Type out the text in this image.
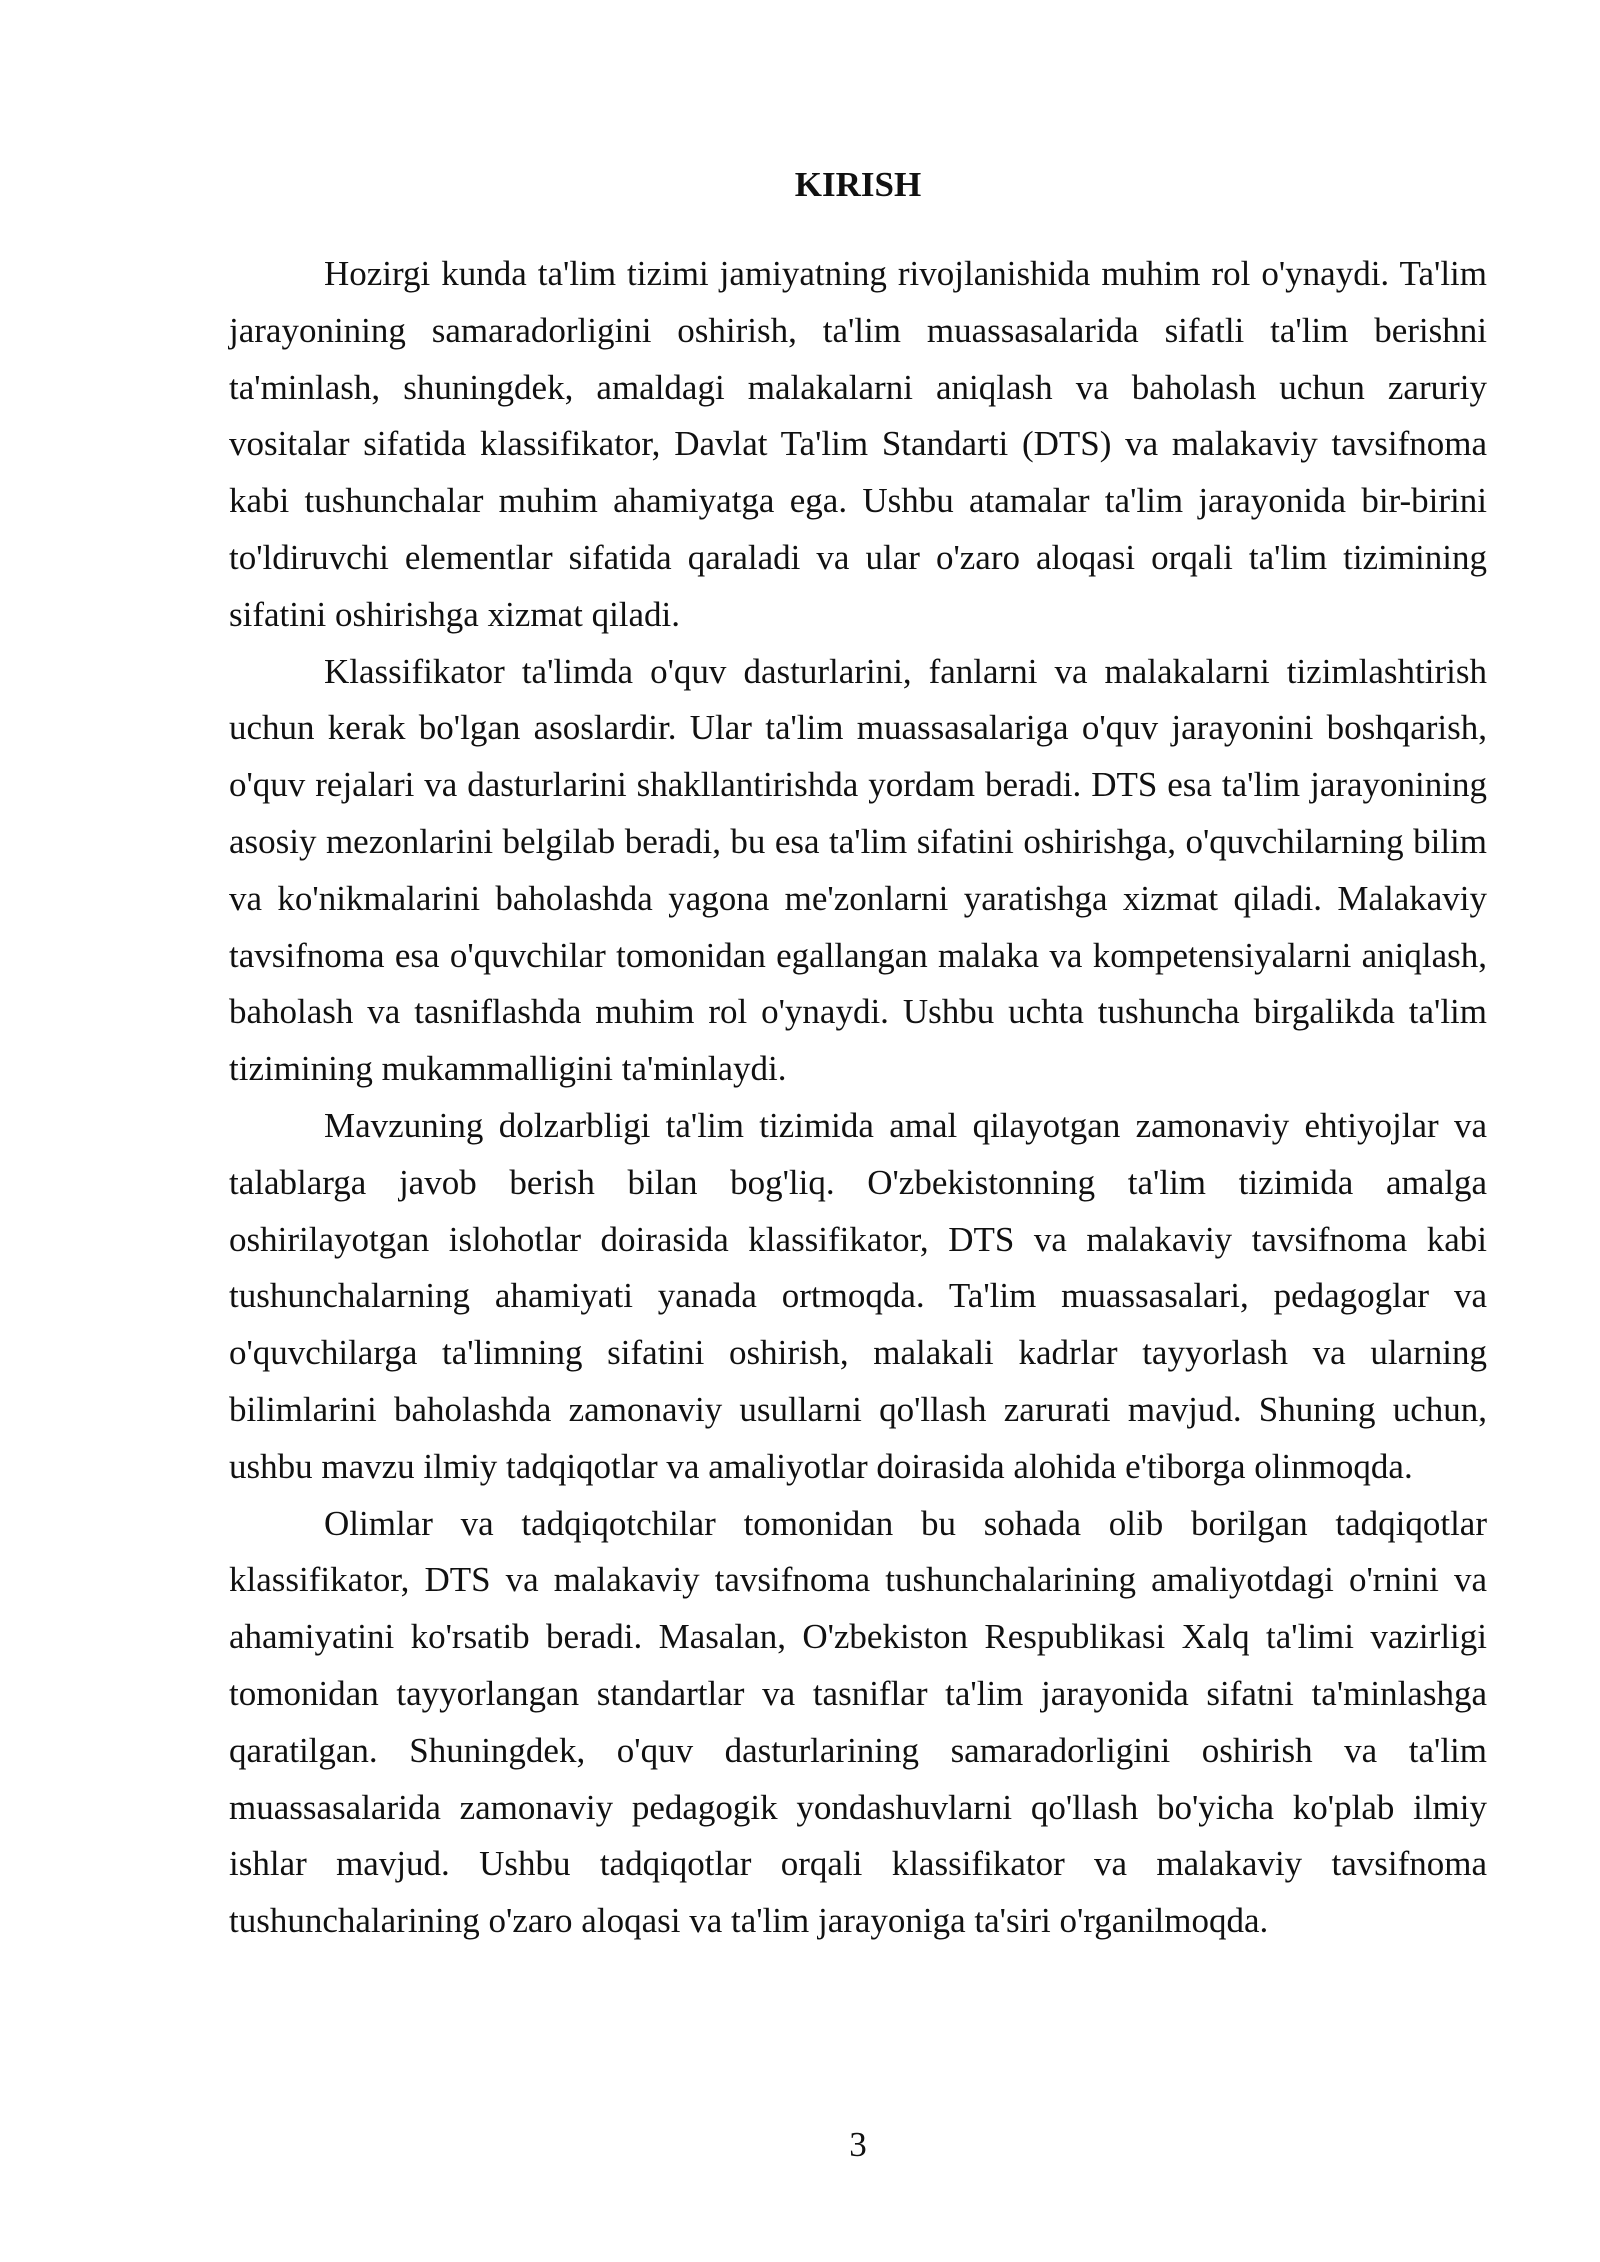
KIRISH

Hozirgi kunda ta'lim tizimi jamiyatning rivojlanishida muhim rol o'ynaydi. Ta'lim jarayonining samaradorligini oshirish, ta'lim muassasalarida sifatli ta'lim berishni ta'minlash, shuningdek, amaldagi malakalarni aniqlash va baholash uchun zaruriy vositalar sifatida klassifikator, Davlat Ta'lim Standarti (DTS) va malakaviy tavsifnoma kabi tushunchalar muhim ahamiyatga ega. Ushbu atamalar ta'lim jarayonida bir-birini to'ldiruvchi elementlar sifatida qaraladi va ular o'zaro aloqasi orqali ta'lim tizimining sifatini oshirishga xizmat qiladi.

Klassifikator ta'limda o'quv dasturlarini, fanlarni va malakalarni tizimlashtirish uchun kerak bo'lgan asoslardir. Ular ta'lim muassasalariga o'quv jarayonini boshqarish, o'quv rejalari va dasturlarini shakllantirishda yordam beradi. DTS esa ta'lim jarayonining asosiy mezonlarini belgilab beradi, bu esa ta'lim sifatini oshirishga, o'quvchilarning bilim va ko'nikmalarini baholashda yagona me'zonlarni yaratishga xizmat qiladi. Malakaviy tavsifnoma esa o'quvchilar tomonidan egallangan malaka va kompetensiyalarni aniqlash, baholash va tasniflashda muhim rol o'ynaydi. Ushbu uchta tushuncha birgalikda ta'lim tizimining mukammalligini ta'minlaydi.

Mavzuning dolzarbligi ta'lim tizimida amal qilayotgan zamonaviy ehtiyojlar va talablarga javob berish bilan bog'liq. O'zbekistonning ta'lim tizimida amalga oshirilayotgan islohotlar doirasida klassifikator, DTS va malakaviy tavsifnoma kabi tushunchalarning ahamiyati yanada ortmoqda. Ta'lim muassasalari, pedagoglar va o'quvchilarga ta'limning sifatini oshirish, malakali kadrlar tayyorlash va ularning bilimlarini baholashda zamonaviy usullarni qo'llash zarurati mavjud. Shuning uchun, ushbu mavzu ilmiy tadqiqotlar va amaliyotlar doirasida alohida e'tiborga olinmoqda.

Olimlar va tadqiqotchilar tomonidan bu sohada olib borilgan tadqiqotlar klassifikator, DTS va malakaviy tavsifnoma tushunchalarining amaliyotdagi o'rnini va ahamiyatini ko'rsatib beradi. Masalan, O'zbekiston Respublikasi Xalq ta'limi vazirligi tomonidan tayyorlangan standartlar va tasniflar ta'lim jarayonida sifatni ta'minlashga qaratilgan. Shuningdek, o'quv dasturlarining samaradorligini oshirish va ta'lim muassasalarida zamonaviy pedagogik yondashuvlarni qo'llash bo'yicha ko'plab ilmiy ishlar mavjud. Ushbu tadqiqotlar orqali klassifikator va malakaviy tavsifnoma tushunchalarining o'zaro aloqasi va ta'lim jarayoniga ta'siri o'rganilmoqda.

3
